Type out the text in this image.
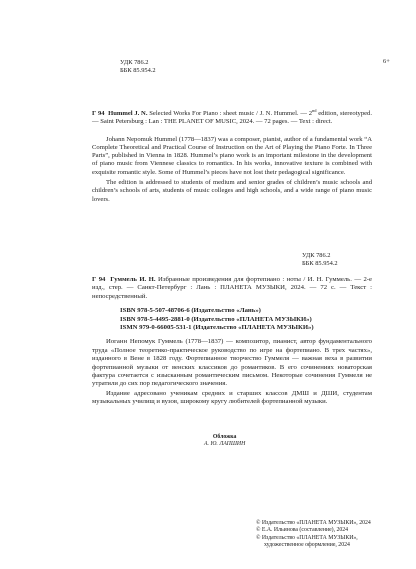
6+
УДК 786.2
ББК 85.954.2

Г 94 Hummel J. N. Selected Works For Piano : sheet music / J. N. Hummel. — 2nd edition, stereotyped. — Saint Petersburg : Lan : THE PLANET OF MUSIC, 2024. — 72 pages. — Text : direct.

Johann Nepomuk Hummel (1778—1837) was a composer, pianist, author of a fundamental work “A Complete Theoretical and Practical Course of Instruction on the Art of Playing the Piano Forte. In Three Parts”, published in Vienna in 1828. Hummel’s piano work is an important milestone in the development of piano music from Viennese classics to romantics. In his works, innovative texture is combined with exquisite romantic style. Some of Hummel’s pieces have not lost their pedagogical significance.

The edition is addressed to students of medium and senior grades of children’s music schools and children’s schools of arts, students of music colleges and high schools, and a wide range of piano music lovers.

УДК 786.2
ББК 85.954.2

Г 94 Гуммель И. Н. Избранные произведения для фортепиано : ноты / И. Н. Гуммель. — 2-е изд., стер. — Санкт-Петербург : Лань : ПЛАНЕТА МУЗЫКИ, 2024. — 72 с. — Текст : непосредственный.

ISBN 978-5-507-48706-6 (Издательство «Лань»)
ISBN 978-5-4495-2881-0 (Издательство «ПЛАНЕТА МУЗЫКИ»)
ISMN 979-0-66005-531-1 (Издательство «ПЛАНЕТА МУЗЫКИ»)

Иоганн Непомук Гуммель (1778—1837) — композитор, пианист, автор фундаментального труда «Полное теоретико-практическое руководство по игре на фортепиано. В трех частях», изданного в Вене в 1828 году. Фортепианное творчество Гуммеля — важная веха в развитии фортепианной музыки от венских классиков до романтиков. В его сочинениях новаторская фактура сочетается с изысканным романтическим письмом. Некоторые сочинения Гуммеля не утратили до сих пор педагогического значения.

Издание адресовано ученикам средних и старших классов ДМШ и ДШИ, студентам музыкальных училищ и вузов, широкому кругу любителей фортепианной музыки.

Обложка
А. Ю. ЛАПШИН
© Издательство «ПЛАНЕТА МУЗЫКИ», 2024
© Е.А. Ильинова (составление), 2024
© Издательство «ПЛАНЕТА МУЗЫКИ»,
художественное оформление, 2024
